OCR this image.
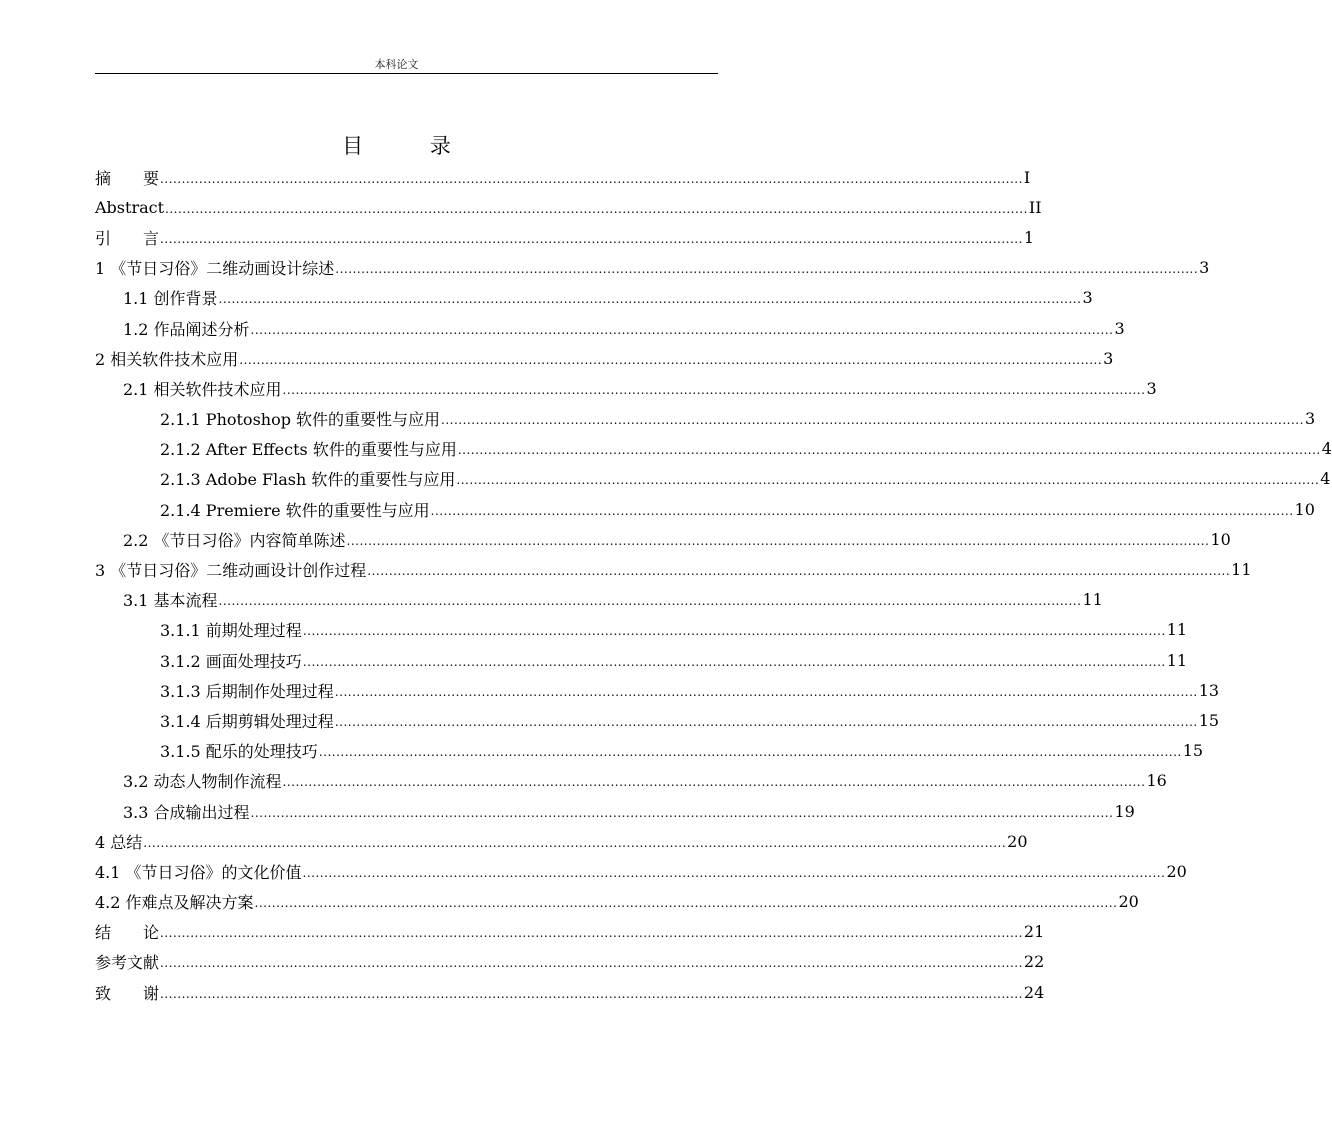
本科论文
目 录
摘　　要 ........................................................................................................................................................................................................ I
Abstract ........................................................................................................................................................................................................ II
引　　言 ........................................................................................................................................................................................................ 1
1 《节日习俗》二维动画设计综述 ........................................................................................................................................................................................................ 3
1.1 创作背景 ........................................................................................................................................................................................................ 3
1.2 作品阐述分析 ........................................................................................................................................................................................................ 3
2 相关软件技术应用 ........................................................................................................................................................................................................ 3
2.1 相关软件技术应用 ........................................................................................................................................................................................................ 3
2.1.1 Photoshop 软件的重要性与应用 ........................................................................................................................................................................................................ 3
2.1.2 After Effects 软件的重要性与应用 ........................................................................................................................................................................................................ 4
2.1.3 Adobe Flash 软件的重要性与应用 ........................................................................................................................................................................................................ 4
2.1.4 Premiere 软件的重要性与应用 ........................................................................................................................................................................................................ 10
2.2 《节日习俗》内容简单陈述 ........................................................................................................................................................................................................ 10
3 《节日习俗》二维动画设计创作过程 ........................................................................................................................................................................................................ 11
3.1 基本流程 ........................................................................................................................................................................................................ 11
3.1.1 前期处理过程 ........................................................................................................................................................................................................ 11
3.1.2 画面处理技巧 ........................................................................................................................................................................................................ 11
3.1.3 后期制作处理过程 ........................................................................................................................................................................................................ 13
3.1.4 后期剪辑处理过程 ........................................................................................................................................................................................................ 15
3.1.5 配乐的处理技巧 ........................................................................................................................................................................................................ 15
3.2 动态人物制作流程 ........................................................................................................................................................................................................ 16
3.3 合成输出过程 ........................................................................................................................................................................................................ 19
4 总结 ........................................................................................................................................................................................................ 20
4.1 《节日习俗》的文化价值 ........................................................................................................................................................................................................ 20
4.2 作难点及解决方案 ........................................................................................................................................................................................................ 20
结　　论 ........................................................................................................................................................................................................ 21
参考文献 ........................................................................................................................................................................................................ 22
致　　谢 ........................................................................................................................................................................................................ 24
